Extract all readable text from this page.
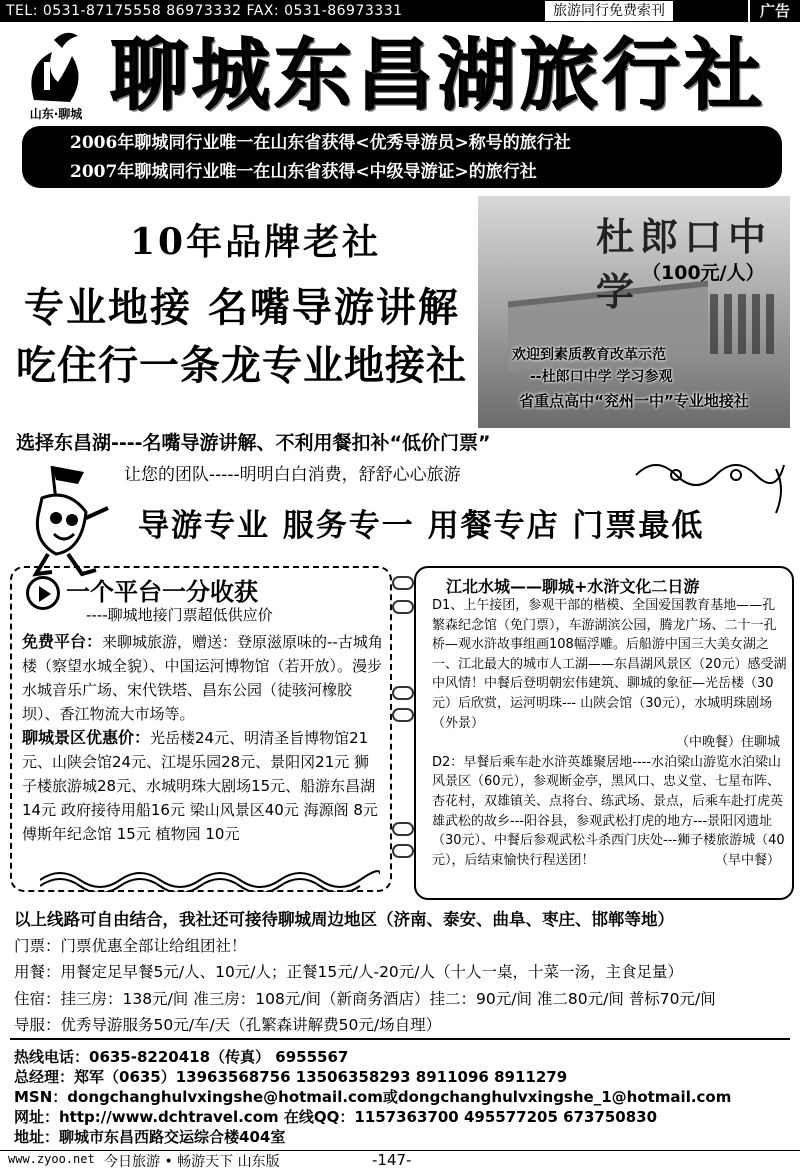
TEL: 0531-87175558 86973332 FAX: 0531-86973331	旅游同行免费索刊	广告
山东·聊城 聊城东昌湖旅行社
2006年聊城同行业唯一在山东省获得<优秀导游员>称号的旅行社
2007年聊城同行业唯一在山东省获得<中级导游证>的旅行社
10年品牌老社
专业地接 名嘴导游讲解
吃住行一条龙专业地接社
杜郎口中学 （100元/人）
欢迎到素质教育改革示范
--杜郎口中学 学习参观
省重点高中“兖州一中”专业地接社
选择东昌湖----名嘴导游讲解、不利用餐扣补“低价门票”
让您的团队-----明明白白消费，舒舒心心旅游
导游专业 服务专一 用餐专店 门票最低
一个平台一分收获
----聊城地接门票超低供应价
免费平台：来聊城旅游，赠送：登原滋原味的--古城角楼（察望水城全貌）、中国运河博物馆（若开放）。漫步水城音乐广场、宋代铁塔、昌东公园（徒骇河橡胶坝）、香江物流大市场等。
聊城景区优惠价：光岳楼24元、明清圣旨博物馆21元、山陕会馆24元、江堤乐园28元、景阳冈21元 狮子楼旅游城28元、水城明珠大剧场15元、船游东昌湖14元 政府接待用船16元 梁山风景区40元 海源阁 8元 傅斯年纪念馆 15元 植物园 10元
江北水城——聊城+水浒文化二日游
D1、上午接团，参观干部的楷模、全国爱国教育基地——孔繁森纪念馆（免门票），车游湖滨公园，腾龙广场、二十一孔桥—观水浒故事组画108幅浮雕。后船游中国三大美女湖之一、江北最大的城市人工湖——东昌湖风景区（20元）感受湖中风情！中餐后登明朝宏伟建筑、聊城的象征—光岳楼（30元）后欣赏，运河明珠--- 山陕会馆（30元），水城明珠剧场（外景）
（中晚餐）住聊城
D2：早餐后乘车赴水浒英雄聚居地----水泊梁山游览水泊梁山风景区（60元），参观断金亭，黑风口、忠义堂、七星布阵、杏花村，双雄镇关、点将台、练武场、景点，后乘车赴打虎英雄武松的故乡---阳谷县，参观武松打虎的地方---景阳冈遗址（30元）、中餐后参观武松斗杀西门庆处---狮子楼旅游城（40元），后结束愉快行程送团！	（早中餐）
以上线路可自由结合，我社还可接待聊城周边地区（济南、泰安、曲阜、枣庄、邯郸等地）
门票：门票优惠全部让给组团社！
用餐：用餐定足早餐5元/人、10元/人；正餐15元/人-20元/人（十人一桌，十菜一汤，主食足量）
住宿：挂三房：138元/间 准三房：108元/间（新商务酒店）挂二：90元/间 准二80元/间 普标70元/间
导服：优秀导游服务50元/车/天（孔繁森讲解费50元/场自理）
热线电话：0635-8220418（传真） 6955567
总经理：郑军（0635）13963568756 13506358293 8911096 8911279
MSN：dongchanghulvxingshe@hotmail.com或dongchanghulvxingshe_1@hotmail.com
网址：http://www.dchtravel.com 在线QQ：1157363700 495577205 673750830
地址：聊城市东昌西路交运综合楼404室
www.zyoo.net 今日旅游 • 畅游天下 山东版	-147-
